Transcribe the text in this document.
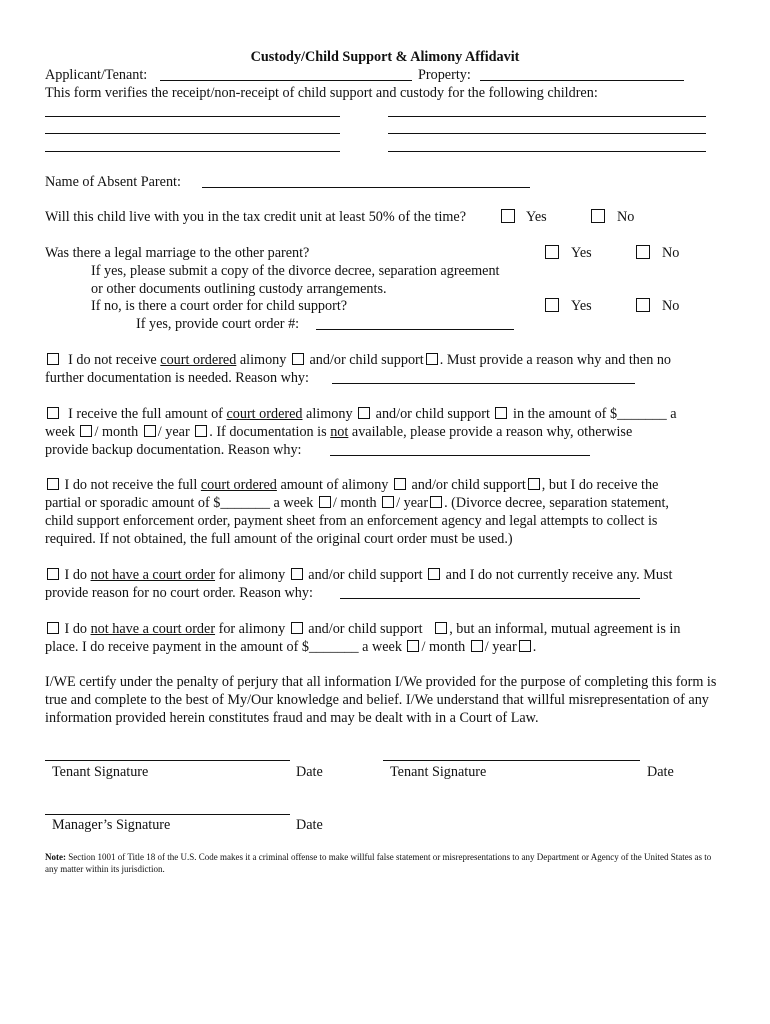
Custody/Child Support & Alimony Affidavit
Applicant/Tenant:	Property:
This form verifies the receipt/non-receipt of child support and custody for the following children:
Name of Absent Parent:
Will this child live with you in the tax credit unit at least 50% of the time?	Yes	No
Was there a legal marriage to the other parent?	Yes	No
If yes, please submit a copy of the divorce decree, separation agreement
or other documents outlining custody arrangements.
If no, is there a court order for child support?	Yes	No
If yes, provide court order #:
I do not receive court ordered alimony and/or child support . Must provide a reason why and then no
further documentation is needed. Reason why:
I receive the full amount of court ordered alimony and/or child support in the amount of $_______ a
week / month / year . If documentation is not available, please provide a reason why, otherwise
provide backup documentation. Reason why:
I do not receive the full court ordered amount of alimony and/or child support , but I do receive the
partial or sporadic amount of $_______ a week / month / year . (Divorce decree, separation statement,
child support enforcement order, payment sheet from an enforcement agency and legal attempts to collect is
required. If not obtained, the full amount of the original court order must be used.)
I do not have a court order for alimony and/or child support and I do not currently receive any. Must
provide reason for no court order. Reason why:
I do not have a court order for alimony and/or child support , but an informal, mutual agreement is in
place. I do receive payment in the amount of $_______ a week / month / year .
I/WE certify under the penalty of perjury that all information I/We provided for the purpose of completing this form is true and complete to the best of My/Our knowledge and belief. I/We understand that willful misrepresentation of any information provided herein constitutes fraud and may be dealt with in a Court of Law.
Tenant Signature	Date	Tenant Signature	Date
Manager’s Signature	Date
Note: Section 1001 of Title 18 of the U.S. Code makes it a criminal offense to make willful false statement or misrepresentations to any Department or Agency of the United States as to any matter within its jurisdiction.
